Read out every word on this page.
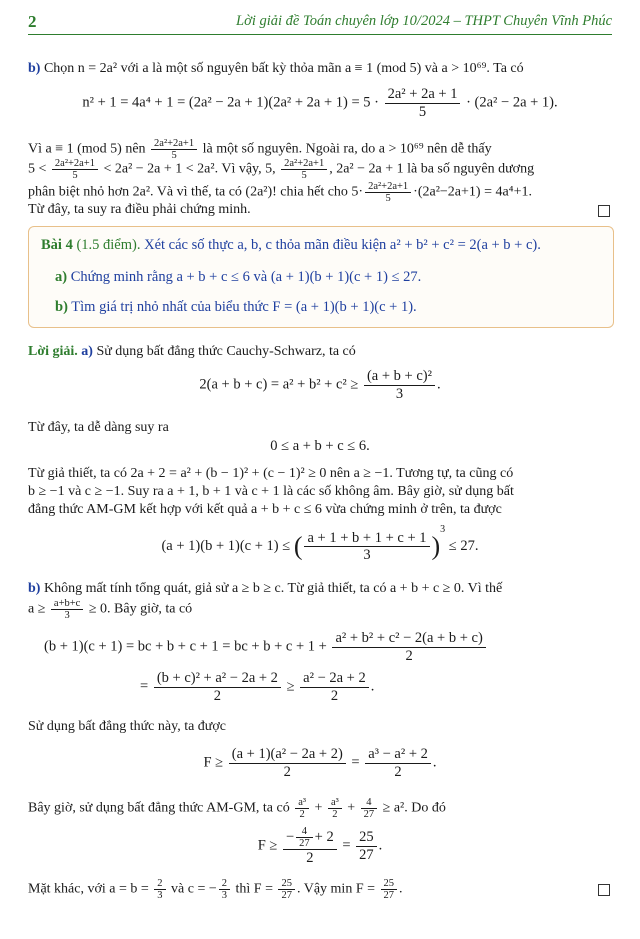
2	Lời giải đề Toán chuyên lớp 10/2024 – THPT Chuyên Vĩnh Phúc

b) Chọn n = 2a² với a là một số nguyên bất kỳ thỏa mãn a ≡ 1 (mod 5) và a > 10⁶⁹. Ta có

$n^2 + 1 = 4a^4 + 1 = (2a^2 - 2a + 1)(2a^2 + 2a + 1) = 5 \cdot \frac{\text{2a² + 2a + 1}}{5} \cdot (2a^2 - 2a + 1)$.

Vì a ≡ 1 (mod 5) nên $\frac{\text{2a²+2a+1}}{5}$ là một số nguyên. Ngoài ra, do a > 10⁶⁹ nên dễ thấy

$5 < \frac{\text{2a²+2a+1}}{5} < 2a^2 - 2a + 1 < 2a^2$. Vì vậy, 5, $\frac{\text{2a²+2a+1}}{5}$ , 2a² − 2a + 1 là ba số nguyên dương

phân biệt nhỏ hơn 2a². Và vì thế, ta có (2a²)! chia hết cho $5\cdot \frac{\text{2a²+2a+1}}{5} \cdot(2a^2-2a+1) = 4a^4+1$.

Từ đây, ta suy ra điều phải chứng minh.

Bài 4 (1.5 điểm). Xét các số thực a, b, c thỏa mãn điều kiện a² + b² + c² = 2(a + b + c).
a) Chứng minh rằng a + b + c ≤ 6 và (a + 1)(b + 1)(c + 1) ≤ 27.
b) Tìm giá trị nhỏ nhất của biểu thức F = (a + 1)(b + 1)(c + 1).

Lời giải. a) Sử dụng bất đẳng thức Cauchy-Schwarz, ta có

$2(a + b + c) = a^2 + b^2 + c^2 \ge \frac{\text{(a + b + c)²}}{3}$ .

Từ đây, ta dễ dàng suy ra

0 ≤ a + b + c ≤ 6.

Từ giả thiết, ta có 2a + 2 = a² + (b − 1)² + (c − 1)² ≥ 0 nên a ≥ −1. Tương tự, ta cũng có

b ≥ −1 và c ≥ −1. Suy ra a + 1, b + 1 và c + 1 là các số không âm. Bây giờ, sử dụng bất

đẳng thức AM-GM kết hợp với kết quả a + b + c ≤ 6 vừa chứng minh ở trên, ta được

(a + 1)(b + 1)(c + 1) ≤ ( $\frac{a + 1 + b + 1 + c + 1}{3} )^3 \le 27$.

b) Không mất tính tổng quát, giả sử a ≥ b ≥ c. Từ giả thiết, ta có a + b + c ≥ 0. Vì thế

$a \ge \frac{a+b+c}{3} \ge 0$. Bây giờ, ta có

(b + 1)(c + 1) = bc + b + c + 1 = bc + $b + c + 1 + \frac{\text{a² + b² + c² − 2(a + b + c)}}{2}$
= $\frac{\text{(b + c)² + a² − 2a + 2}}{2} \ge \frac{\text{a² − 2a + 2}}{2}$ .

Sử dụng bất đẳng thức này, ta được

$F \ge \frac{\text{(a + 1)(a² − 2a + 2)}}{2} = \frac{\text{a³ − a² + 2}}{2}$ .

Bây giờ, sử dụng bất đẳng thức AM-GM, ta có $\frac{\text{a³}}{2} + \frac{\text{a³}}{2} + \frac{4}{27} \ge a^2$. Do đó

$F \ge \frac{- \frac{4}{27} + 2}{2} = \frac{25}{27}$ .

Mặt khác, với $a = b = \frac{2}{3}$ và c = − $\frac{2}{3}$ thì $F = \frac{25}{27}$ . Vậy $\min F = \frac{25}{27}$ .
